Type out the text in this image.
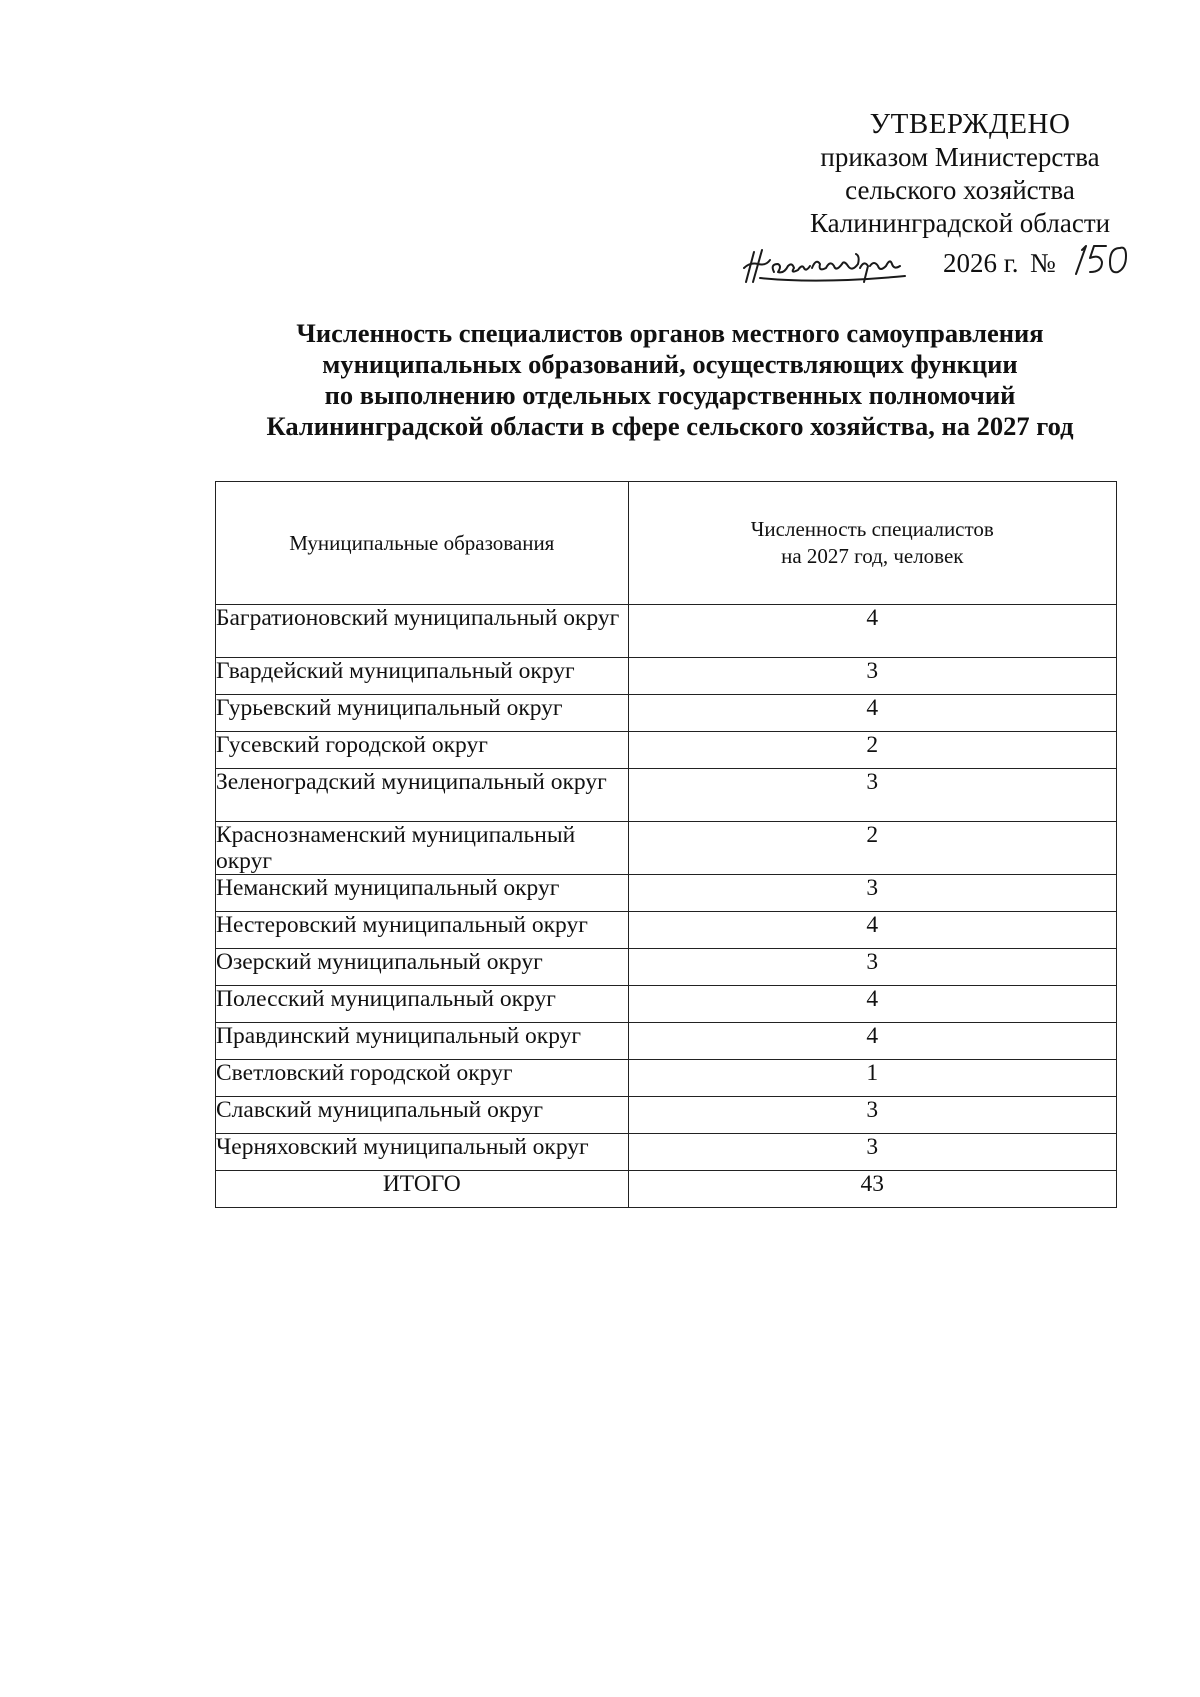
УТВЕРЖДЕНО
приказом Министерства
сельского хозяйства
Калининградской области
2026 г. №
Численность специалистов органов местного самоуправления
муниципальных образований, осуществляющих функции
по выполнению отдельных государственных полномочий
Калининградской области в сфере сельского хозяйства, на 2027 год
Муниципальные образования	Численность специалистов
на 2027 год, человек

Багратионовский муниципальный округ	4
Гвардейский муниципальный округ	3
Гурьевский муниципальный округ	4
Гусевский городской округ	2
Зеленоградский муниципальный округ	3
Краснознаменский муниципальный округ	2
Неманский муниципальный округ	3
Нестеровский муниципальный округ	4
Озерский муниципальный округ	3
Полесский муниципальный округ	4
Правдинский муниципальный округ	4
Светловский городской округ	1
Славский муниципальный округ	3
Черняховский муниципальный округ	3
ИТОГО	43
